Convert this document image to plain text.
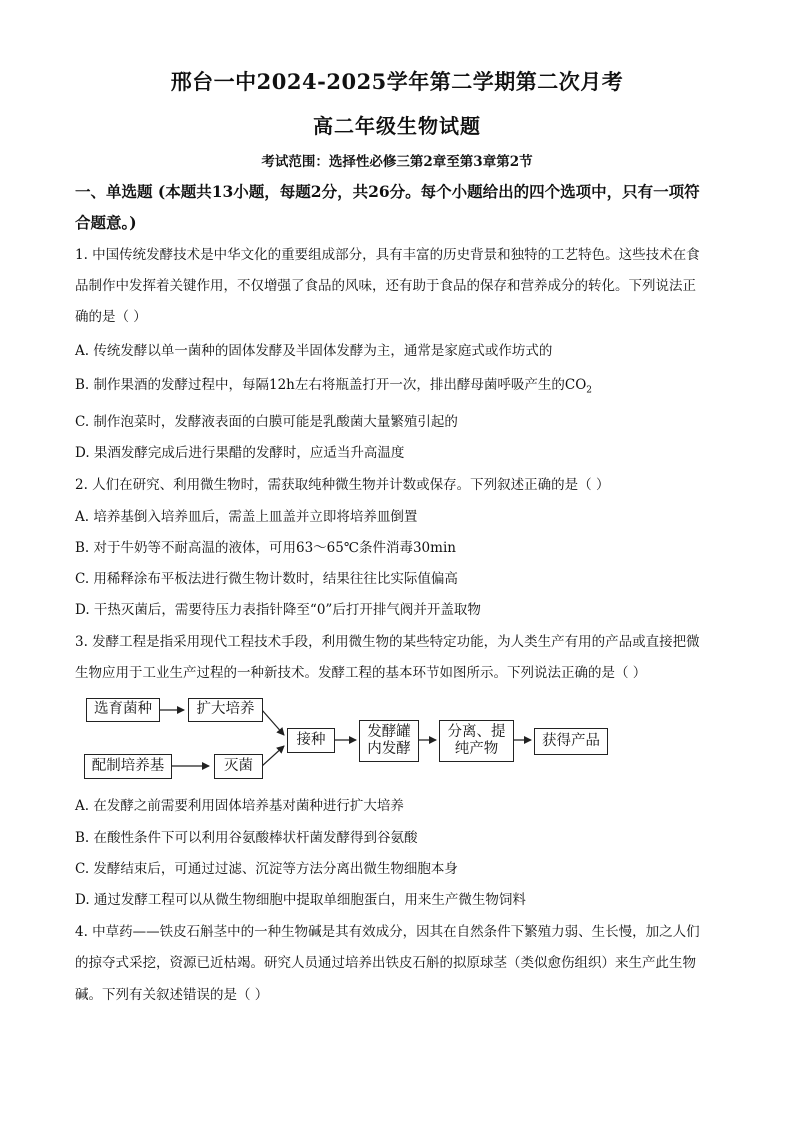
邢台一中2024-2025学年第二学期第二次月考
高二年级生物试题
考试范围：选择性必修三第2章至第3章第2节
一、单选题 (本题共13小题，每题2分，共26分。每个小题给出的四个选项中，只有一项符
合题意。)
1. 中国传统发酵技术是中华文化的重要组成部分，具有丰富的历史背景和独特的工艺特色。这些技术在食
品制作中发挥着关键作用，不仅增强了食品的风味，还有助于食品的保存和营养成分的转化。下列说法正
确的是（ ）
A. 传统发酵以单一菌种的固体发酵及半固体发酵为主，通常是家庭式或作坊式的
B. 制作果酒的发酵过程中，每隔12h左右将瓶盖打开一次，排出酵母菌呼吸产生的$CO_2$
C. 制作泡菜时，发酵液表面的白膜可能是乳酸菌大量繁殖引起的
D. 果酒发酵完成后进行果醋的发酵时，应适当升高温度
2. 人们在研究、利用微生物时，需获取纯种微生物并计数或保存。下列叙述正确的是（ ）
A. 培养基倒入培养皿后，需盖上皿盖并立即将培养皿倒置
B. 对于牛奶等不耐高温的液体，可用63～65℃条件消毒30min
C. 用稀释涂布平板法进行微生物计数时，结果往往比实际值偏高
D. 干热灭菌后，需要待压力表指针降至“0”后打开排气阀并开盖取物
3. 发酵工程是指采用现代工程技术手段，利用微生物的某些特定功能，为人类生产有用的产品或直接把微
生物应用于工业生产过程的一种新技术。发酵工程的基本环节如图所示。下列说法正确的是（ ）
选育菌种	扩大培养
配制培养基	灭菌
接种
发酵罐
内发酵
分离、提
纯产物
获得产品
A. 在发酵之前需要利用固体培养基对菌种进行扩大培养
B. 在酸性条件下可以利用谷氨酸棒状杆菌发酵得到谷氨酸
C. 发酵结束后，可通过过滤、沉淀等方法分离出微生物细胞本身
D. 通过发酵工程可以从微生物细胞中提取单细胞蛋白，用来生产微生物饲料
4. 中草药——铁皮石斛茎中的一种生物碱是其有效成分，因其在自然条件下繁殖力弱、生长慢，加之人们
的掠夺式采挖，资源已近枯竭。研究人员通过培养出铁皮石斛的拟原球茎（类似愈伤组织）来生产此生物
碱。下列有关叙述错误的是（ ）
